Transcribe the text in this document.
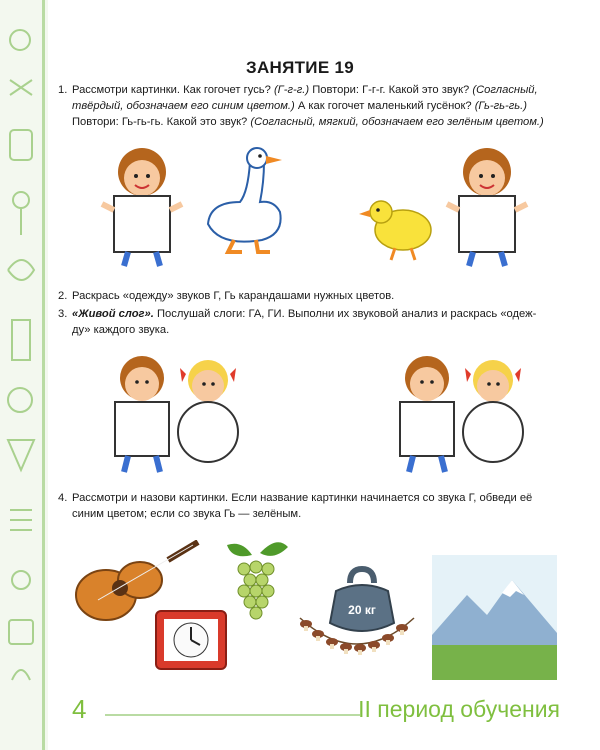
ЗАНЯТИЕ 19
1. Рассмотри картинки. Как гогочет гусь? (Г-г-г.) Повтори: Г-г-г. Какой это звук? (Согласный,
твёрдый, обозначаем его синим цветом.) А как гогочет маленький гусёнок? (Гь-гь-гь.)
Повтори: Гь-гь-гь. Какой это звук? (Согласный, мягкий, обозначаем его зелёным цветом.)
2. Раскрась «одежду» звуков Г, Гь карандашами нужных цветов.
3. «Живой слог». Послушай слоги: ГА, ГИ. Выполни их звуковой анализ и раскрась «одеж-
ду» каждого звука.
4. Рассмотри и назови картинки. Если название картинки начинается со звука Г, обведи её
синим цветом; если со звука Гь — зелёным.
20 кг
4	II период обучения
